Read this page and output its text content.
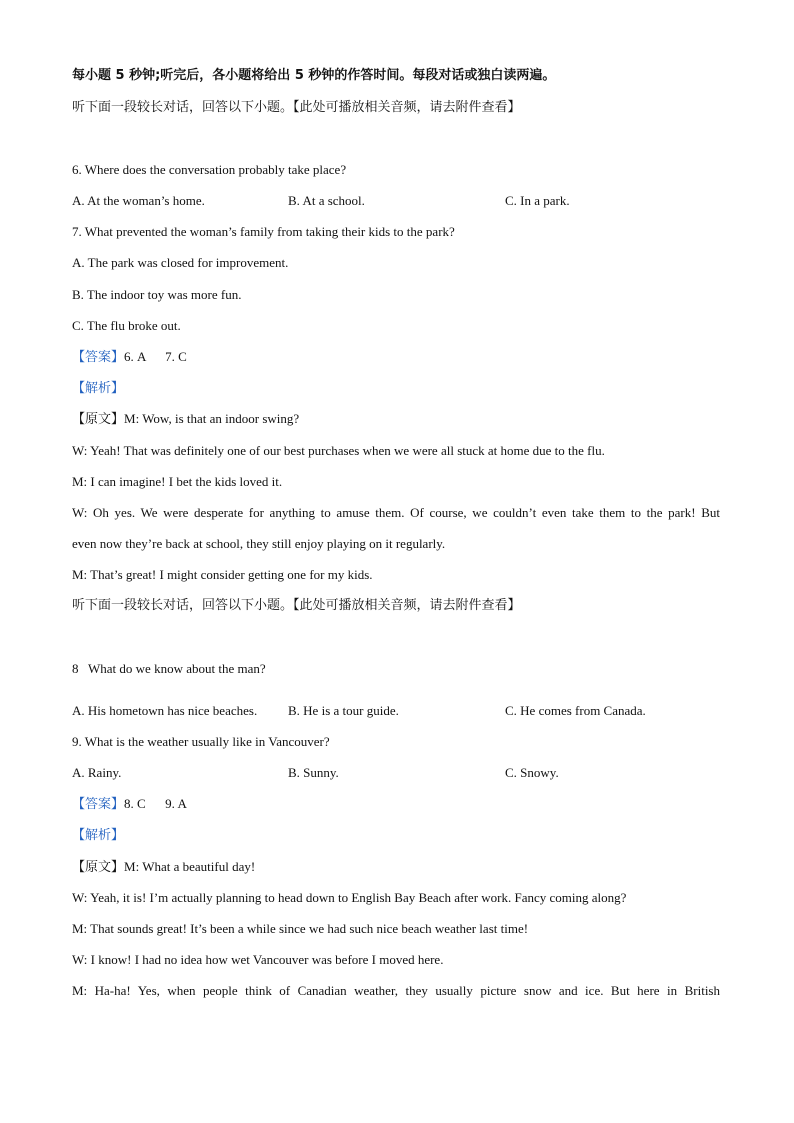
每小题 5 秒钟;听完后，各小题将给出 5 秒钟的作答时间。每段对话或独白读两遍。
听下面一段较长对话，回答以下小题。【此处可播放相关音频，请去附件查看】
6. Where does the conversation probably take place?
A. At the woman’s home.	B. At a school.	C. In a park.
7. What prevented the woman’s family from taking their kids to the park?
A. The park was closed for improvement.
B. The indoor toy was more fun.
C. The flu broke out.
【答案】6. A      7. C
【解析】
【原文】M: Wow, is that an indoor swing?
W: Yeah! That was definitely one of our best purchases when we were all stuck at home due to the flu.
M: I can imagine! I bet the kids loved it.
W: Oh yes. We were desperate for anything to amuse them. Of course, we couldn’t even take them to the park! But
even now they’re back at school, they still enjoy playing on it regularly.
M: That’s great! I might consider getting one for my kids.
听下面一段较长对话，回答以下小题。【此处可播放相关音频，请去附件查看】
8   What do we know about the man?
A. His hometown has nice beaches. B. He is a tour guide.	C. He comes from Canada.
9. What is the weather usually like in Vancouver?
A. Rainy.	B. Sunny.	C. Snowy.
【答案】8. C      9. A
【解析】
【原文】M: What a beautiful day!
W: Yeah, it is! I’m actually planning to head down to English Bay Beach after work. Fancy coming along?
M: That sounds great! It’s been a while since we had such nice beach weather last time!
W: I know! I had no idea how wet Vancouver was before I moved here.
M: Ha-ha! Yes, when people think of Canadian weather, they usually picture snow and ice. But here in British
